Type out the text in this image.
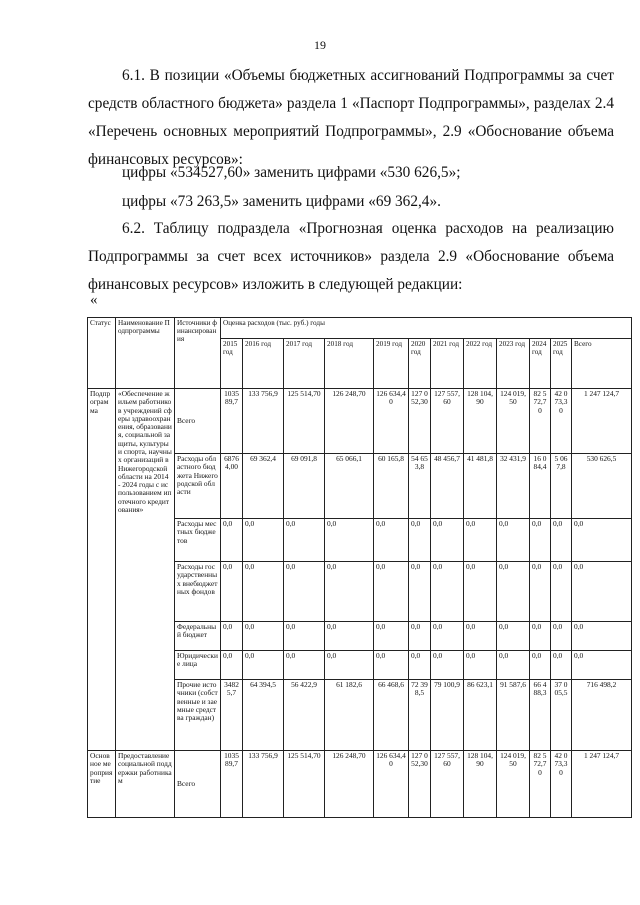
19
6.1. В позиции «Объемы бюджетных ассигнований Подпрограммы за счет средств областного бюджета» раздела 1 «Паспорт Подпрограммы», разделах 2.4 «Перечень основных мероприятий Подпрограммы», 2.9 «Обоснование объема финансовых ресурсов»:
цифры «534527,60» заменить цифрами «530 626,5»;
цифры «73 263,5» заменить цифрами «69 362,4».
6.2. Таблицу подраздела «Прогнозная оценка расходов на реализацию Подпрограммы за счет всех источников» раздела 2.9 «Обоснование объема финансовых ресурсов» изложить в следующей редакции:
«
Статус	Наименование Подпрограммы	Источники финансирования	Оценка расходов (тыс. руб.) годы											
			2015 год	2016 год	2017 год	2018 год	2019 год	2020 год	2021 год	2022 год	2023 год	2024 год	2025 год	Всего
Подпрограмма	«Обеспечение жильем работников учреждений сферы здравоохранения, образования, социальной защиты, культуры и спорта, научных организаций в Нижегородской области на 2014 - 2024 годы с использованием ипотечного кредитования»	Всего	103589,7	133 756,9	125 514,70	126 248,70	126 634,40	127 052,30	127 557,60	128 104,90	124 019,50	82 572,70	42 073,30	1 247 124,7
		Расходы областного бюджета Нижегородской области	68764,00	69 362,4	69 091,8	65 066,1	60 165,8	54 653,8	48 456,7	41 481,8	32 431,9	16 084,4	5 067,8	530 626,5
		Расходы местных бюджетов	0,0	0,0	0,0	0,0	0,0	0,0	0,0	0,0	0,0	0,0	0,0	0,0
		Расходы государственных внебюджетных фондов	0,0	0,0	0,0	0,0	0,0	0,0	0,0	0,0	0,0	0,0	0,0	0,0
		Федеральный бюджет	0,0	0,0	0,0	0,0	0,0	0,0	0,0	0,0	0,0	0,0	0,0	0,0
		Юридические лица	0,0	0,0	0,0	0,0	0,0	0,0	0,0	0,0	0,0	0,0	0,0	0,0
		Прочие источники (собственные и заемные средства граждан)	34825,7	64 394,5	56 422,9	61 182,6	66 468,6	72 398,5	79 100,9	86 623,1	91 587,6	66 488,3	37 005,5	716 498,2
Основное мероприятие	Предоставление социальной поддержки работникам	Всего	103589,7	133 756,9	125 514,70	126 248,70	126 634,40	127 052,30	127 557,60	128 104,90	124 019,50	82 572,70	42 073,30	1 247 124,7
